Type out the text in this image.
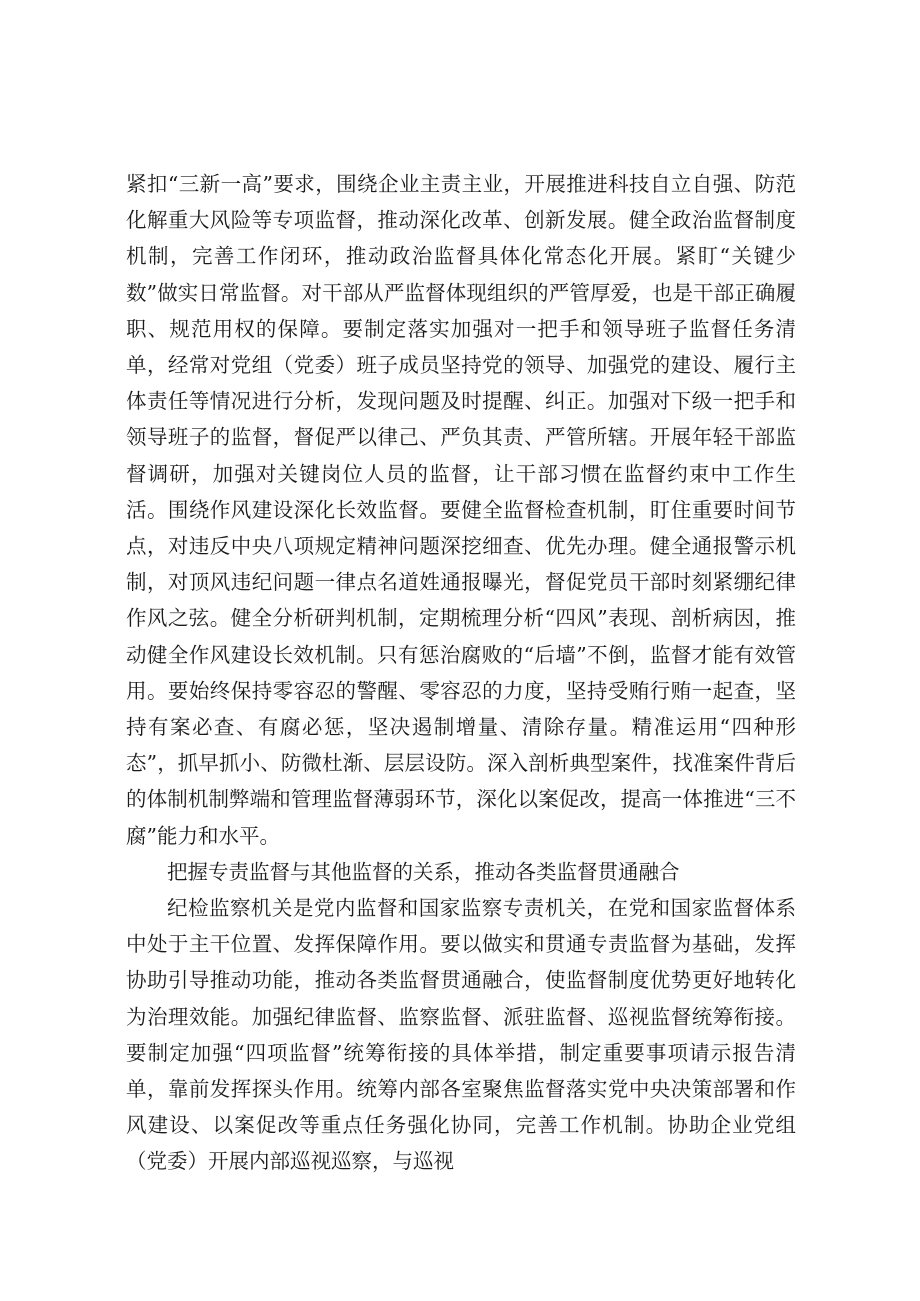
紧扣“三新一高”要求，围绕企业主责主业，开展推进科技自立自强、防范化解重大风险等专项监督，推动深化改革、创新发展。健全政治监督制度机制，完善工作闭环，推动政治监督具体化常态化开展。紧盯“关键少数”做实日常监督。对干部从严监督体现组织的严管厚爱，也是干部正确履职、规范用权的保障。要制定落实加强对一把手和领导班子监督任务清单，经常对党组（党委）班子成员坚持党的领导、加强党的建设、履行主体责任等情况进行分析，发现问题及时提醒、纠正。加强对下级一把手和领导班子的监督，督促严以律己、严负其责、严管所辖。开展年轻干部监督调研，加强对关键岗位人员的监督，让干部习惯在监督约束中工作生活。围绕作风建设深化长效监督。要健全监督检查机制，盯住重要时间节点，对违反中央八项规定精神问题深挖细查、优先办理。健全通报警示机制，对顶风违纪问题一律点名道姓通报曝光，督促党员干部时刻紧绷纪律作风之弦。健全分析研判机制，定期梳理分析“四风”表现、剖析病因，推动健全作风建设长效机制。只有惩治腐败的“后墙”不倒，监督才能有效管用。要始终保持零容忍的警醒、零容忍的力度，坚持受贿行贿一起查，坚持有案必查、有腐必惩，坚决遏制增量、清除存量。精准运用“四种形态”，抓早抓小、防微杜渐、层层设防。深入剖析典型案件，找准案件背后的体制机制弊端和管理监督薄弱环节，深化以案促改，提高一体推进“三不腐”能力和水平。

把握专责监督与其他监督的关系，推动各类监督贯通融合

纪检监察机关是党内监督和国家监察专责机关，在党和国家监督体系中处于主干位置、发挥保障作用。要以做实和贯通专责监督为基础，发挥协助引导推动功能，推动各类监督贯通融合，使监督制度优势更好地转化为治理效能。加强纪律监督、监察监督、派驻监督、巡视监督统筹衔接。要制定加强“四项监督”统筹衔接的具体举措，制定重要事项请示报告清单，靠前发挥探头作用。统筹内部各室聚焦监督落实党中央决策部署和作风建设、以案促改等重点任务强化协同，完善工作机制。协助企业党组（党委）开展内部巡视巡察，与巡视
